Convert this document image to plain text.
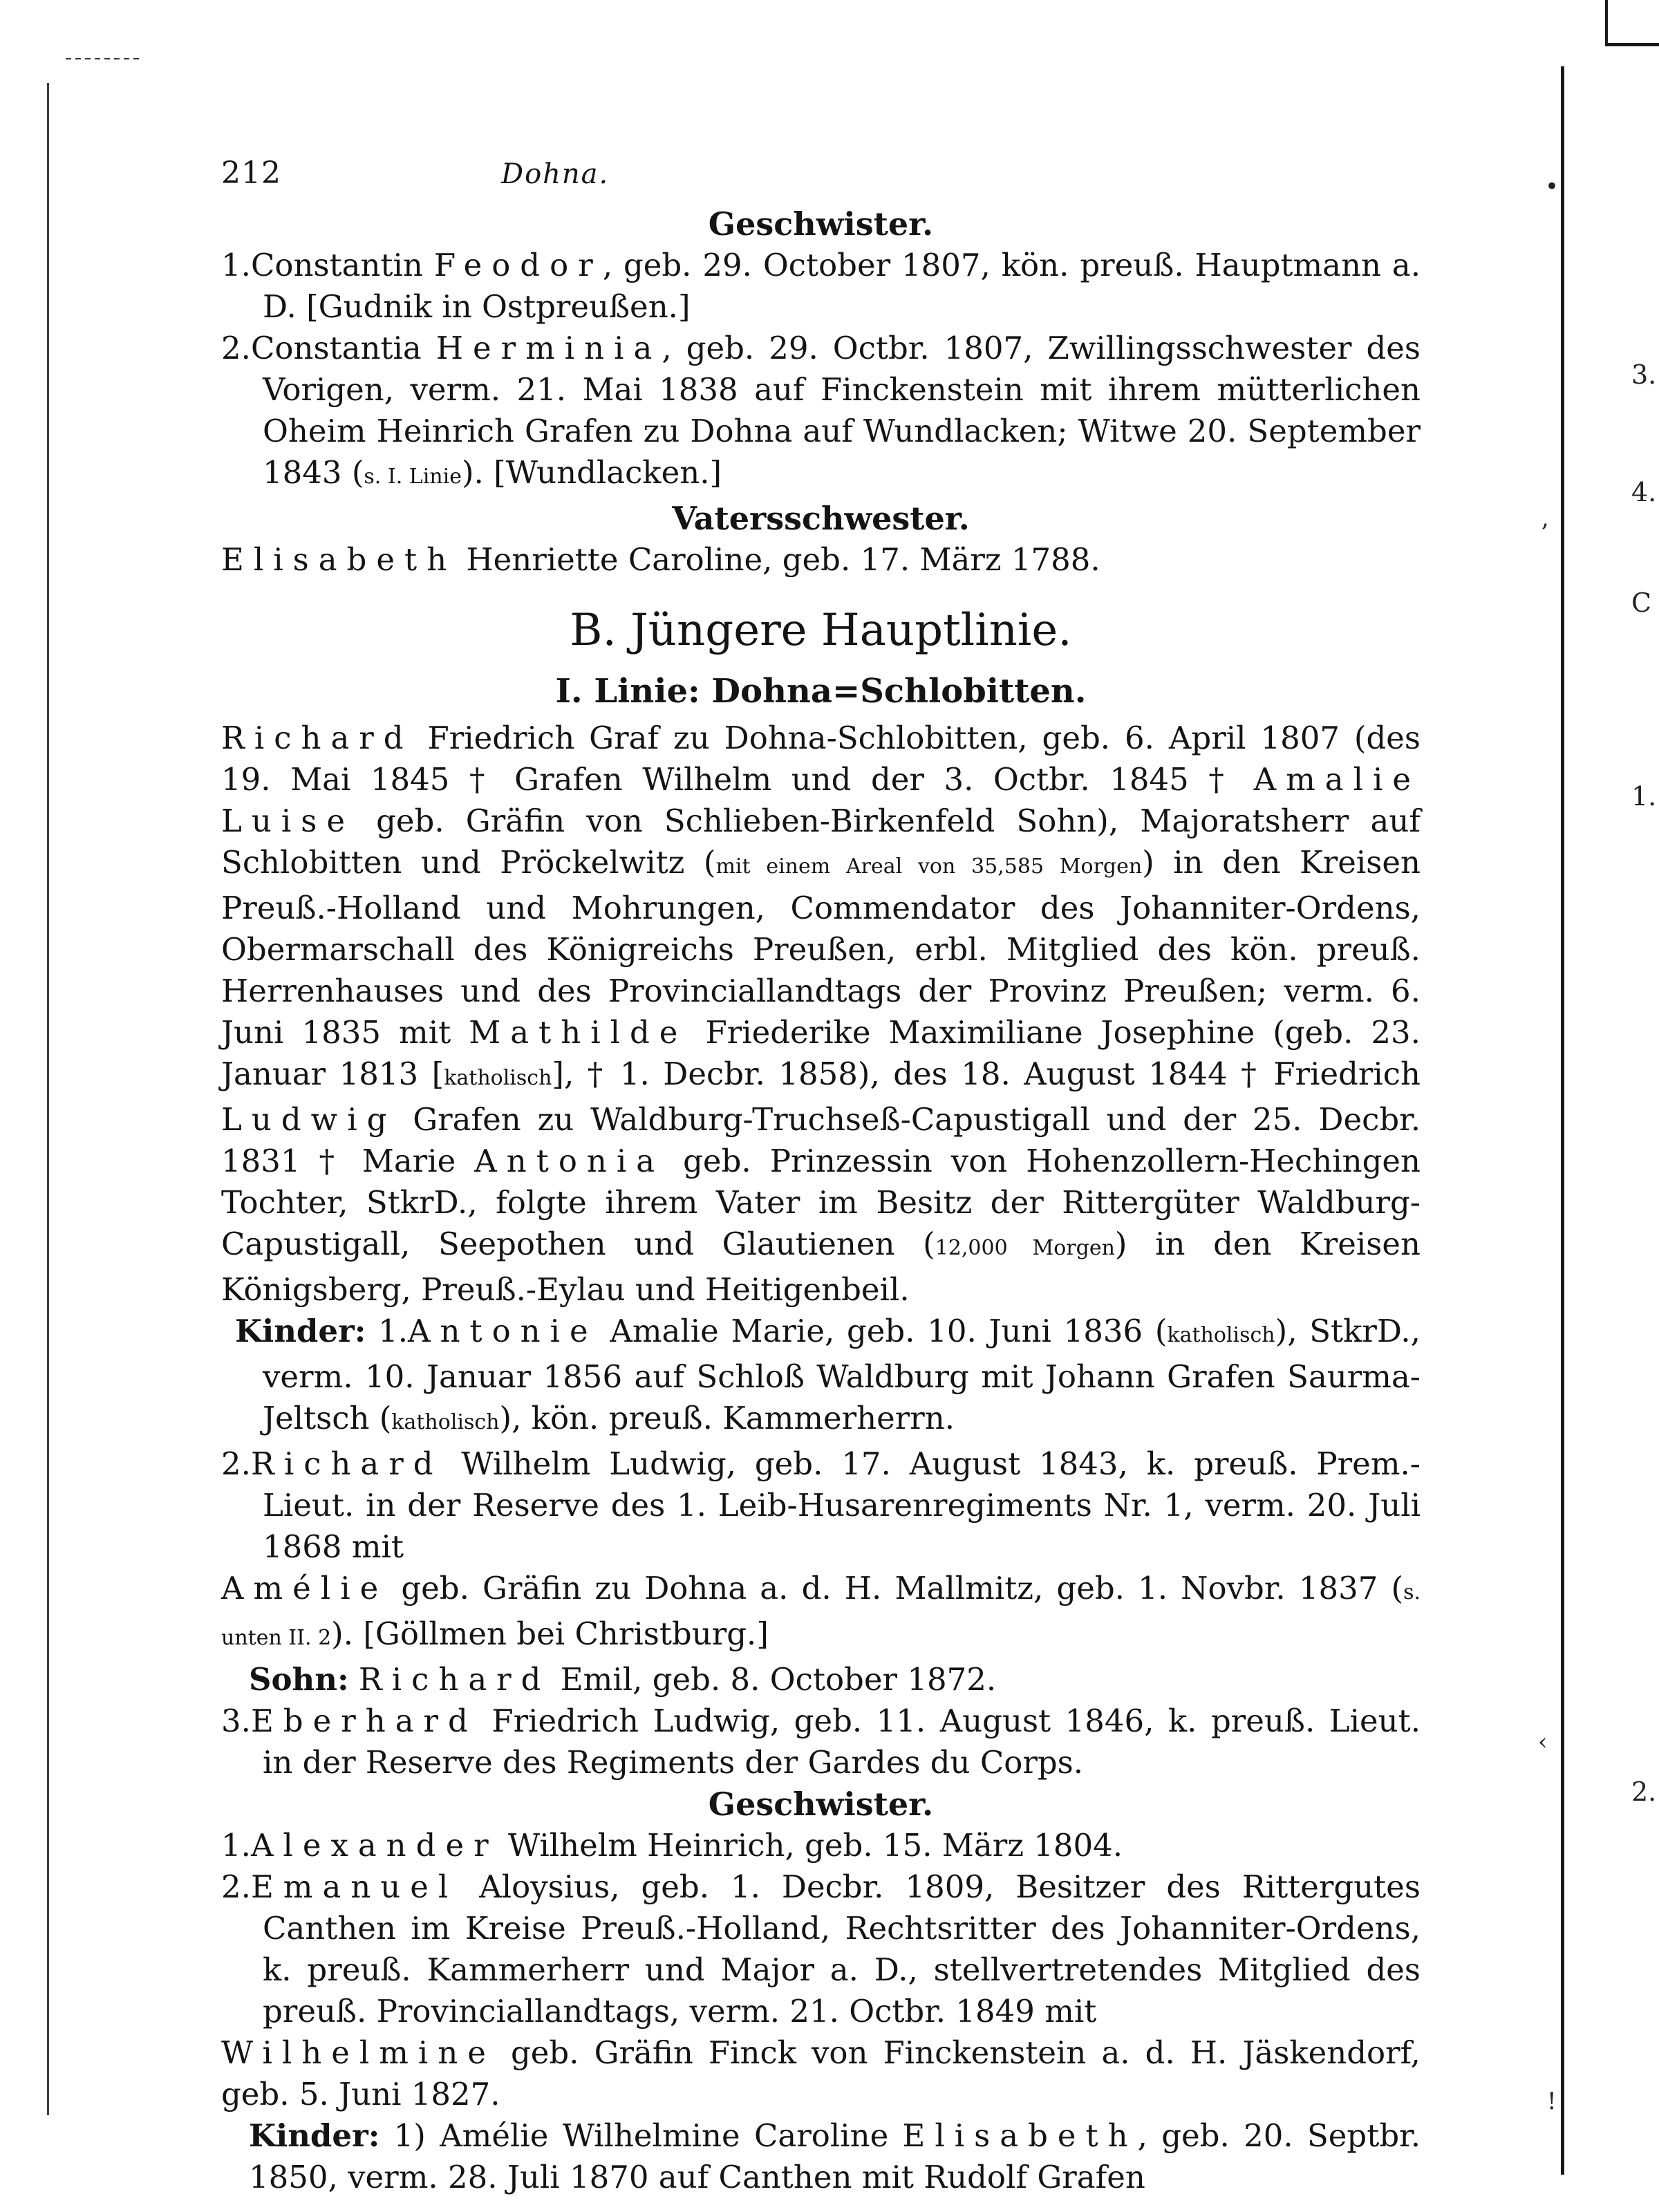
•
,
‹
!
3.
4.
C
1.
2.
212	Dohna.

Geschwister.

1.Constantin Feodor, geb. 29. October 1807, kön. preuß. Hauptmann a. D. [Gudnik in Ostpreußen.]

2.Constantia Herminia, geb. 29. Octbr. 1807, Zwillingsschwester des Vorigen, verm. 21. Mai 1838 auf Finckenstein mit ihrem mütterlichen Oheim Heinrich Grafen zu Dohna auf Wundlacken; Witwe 20. September 1843 (s. I. Linie). [Wundlacken.]

Vatersschwester.

Elisabeth Henriette Caroline, geb. 17. März 1788.

B. Jüngere Hauptlinie.

I. Linie: Dohna=Schlobitten.

Richard Friedrich Graf zu Dohna-Schlobitten, geb. 6. April 1807 (des 19. Mai 1845 † Grafen Wilhelm und der 3. Octbr. 1845 † Amalie Luise geb. Gräfin von Schlieben-Birkenfeld Sohn), Majoratsherr auf Schlobitten und Pröckelwitz (mit einem Areal von 35,585 Morgen) in den Kreisen Preuß.-Holland und Mohrungen, Commendator des Johanniter-Ordens, Obermarschall des Königreichs Preußen, erbl. Mitglied des kön. preuß. Herrenhauses und des Provinciallandtags der Provinz Preußen; verm. 6. Juni 1835 mit Mathilde Friederike Maximiliane Josephine (geb. 23. Januar 1813 [katholisch], † 1. Decbr. 1858), des 18. August 1844 † Friedrich Ludwig Grafen zu Waldburg-Truchseß-Capustigall und der 25. Decbr. 1831 † Marie Antonia geb. Prinzessin von Hohenzollern-Hechingen Tochter, StkrD., folgte ihrem Vater im Besitz der Rittergüter Waldburg-Capustigall, Seepothen und Glautienen (12,000 Morgen) in den Kreisen Königsberg, Preuß.-Eylau und Heitigenbeil.

Kinder: 1.Antonie Amalie Marie, geb. 10. Juni 1836 (katholisch), StkrD., verm. 10. Januar 1856 auf Schloß Waldburg mit Johann Grafen Saurma-Jeltsch (katholisch), kön. preuß. Kammerherrn.

2.Richard Wilhelm Ludwig, geb. 17. August 1843, k. preuß. Prem.-Lieut. in der Reserve des 1. Leib-Husarenregiments Nr. 1, verm. 20. Juli 1868 mit

Amélie geb. Gräfin zu Dohna a. d. H. Mallmitz, geb. 1. Novbr. 1837 (s. unten II. 2). [Göllmen bei Christburg.]

Sohn: Richard Emil, geb. 8. October 1872.

3.Eberhard Friedrich Ludwig, geb. 11. August 1846, k. preuß. Lieut. in der Reserve des Regiments der Gardes du Corps.

Geschwister.

1.Alexander Wilhelm Heinrich, geb. 15. März 1804.

2.Emanuel Aloysius, geb. 1. Decbr. 1809, Besitzer des Rittergutes Canthen im Kreise Preuß.-Holland, Rechtsritter des Johanniter-Ordens, k. preuß. Kammerherr und Major a. D., stellvertretendes Mitglied des preuß. Provinciallandtags, verm. 21. Octbr. 1849 mit

Wilhelmine geb. Gräfin Finck von Finckenstein a. d. H. Jäskendorf, geb. 5. Juni 1827.

Kinder: 1) Amélie Wilhelmine Caroline Elisabeth, geb. 20. Septbr. 1850, verm. 28. Juli 1870 auf Canthen mit Rudolf Grafen
